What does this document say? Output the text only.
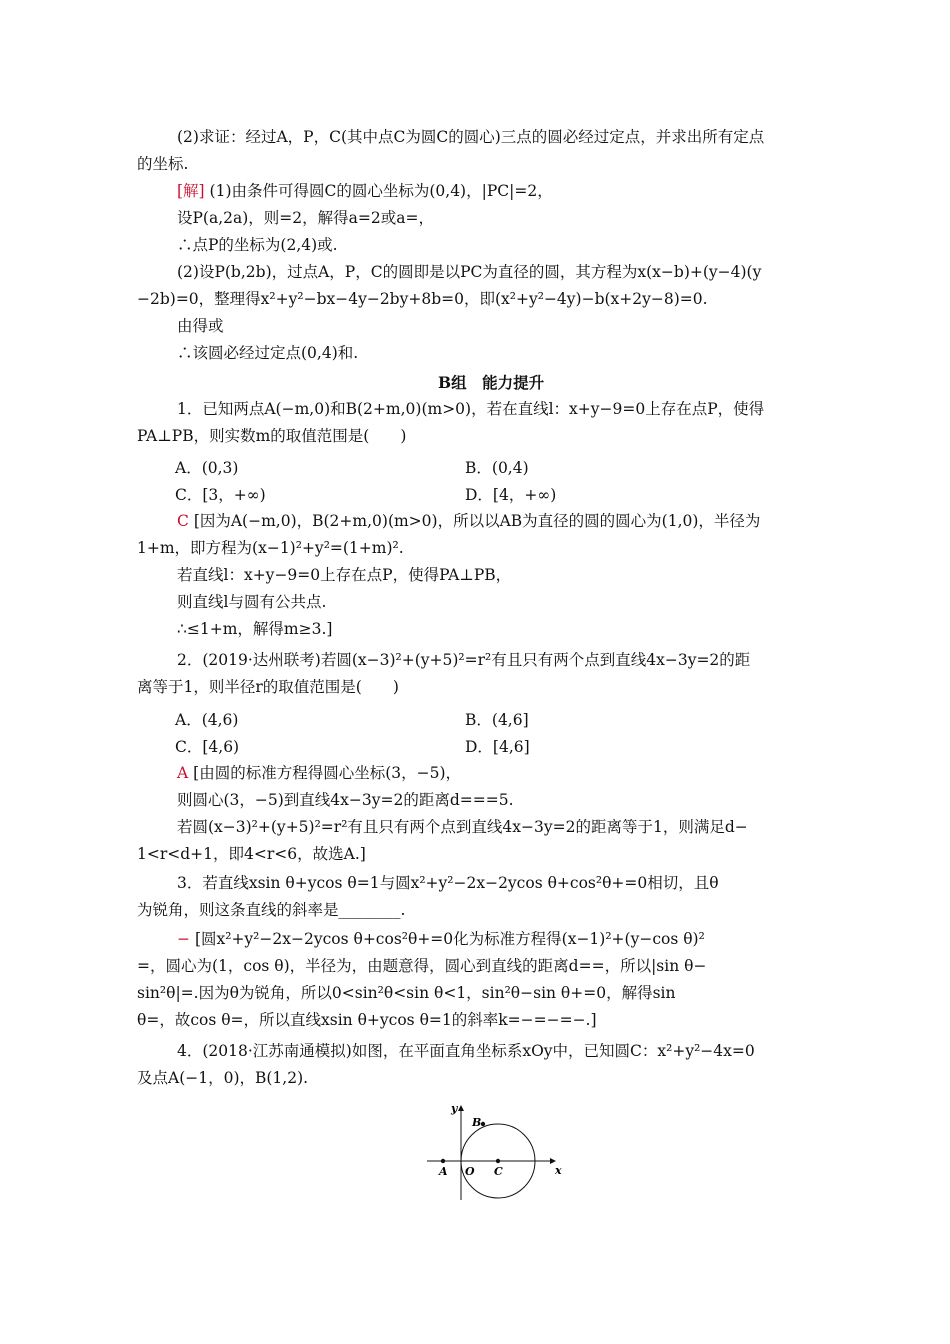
(2)求证：经过A，P，C(其中点C为圆C的圆心)三点的圆必经过定点，并求出所有定点
的坐标.
[解] (1)由条件可得圆C的圆心坐标为(0,4)，|PC|=2，
设P(a,2a)，则=2，解得a=2或a=，
∴点P的坐标为(2,4)或.
(2)设P(b,2b)，过点A，P，C的圆即是以PC为直径的圆，其方程为x(x−b)+(y−4)(y
−2b)=0，整理得x²+y²−bx−4y−2by+8b=0，即(x²+y²−4y)−b(x+2y−8)=0.
由得或
∴该圆必经过定点(0,4)和.
B组　能力提升
1．已知两点A(−m,0)和B(2+m,0)(m>0)，若在直线l：x+y−9=0上存在点P，使得
PA⊥PB，则实数m的取值范围是(　　)
A．(0,3)	B．(0,4)
C．[3，+∞)	D．[4，+∞)
C [因为A(−m,0)，B(2+m,0)(m>0)，所以以AB为直径的圆的圆心为(1,0)，半径为
1+m，即方程为(x−1)²+y²=(1+m)².
若直线l：x+y−9=0上存在点P，使得PA⊥PB，
则直线l与圆有公共点.
∴≤1+m，解得m≥3.]
2．(2019·达州联考)若圆(x−3)²+(y+5)²=r²有且只有两个点到直线4x−3y=2的距
离等于1，则半径r的取值范围是(　　)
A．(4,6)	B．(4,6]
C．[4,6)	D．[4,6]
A [由圆的标准方程得圆心坐标(3，−5)，
则圆心(3，−5)到直线4x−3y=2的距离d===5.
若圆(x−3)²+(y+5)²=r²有且只有两个点到直线4x−3y=2的距离等于1，则满足d−
1<r<d+1，即4<r<6，故选A.]
3．若直线xsin θ+ycos θ=1与圆x²+y²−2x−2ycos θ+cos²θ+=0相切，且θ
为锐角，则这条直线的斜率是________.
− [圆x²+y²−2x−2ycos θ+cos²θ+=0化为标准方程得(x−1)²+(y−cos θ)²
=，圆心为(1，cos θ)，半径为，由题意得，圆心到直线的距离d==，所以|sin θ−
sin²θ|=.因为θ为锐角，所以0<sin²θ<sin θ<1，sin²θ−sin θ+=0，解得sin
θ=，故cos θ=，所以直线xsin θ+ycos θ=1的斜率k=−=−=−.]
4．(2018·江苏南通模拟)如图，在平面直角坐标系xOy中，已知圆C：x²+y²−4x=0
及点A(−1，0)，B(1,2).
x
y
A O C
B
